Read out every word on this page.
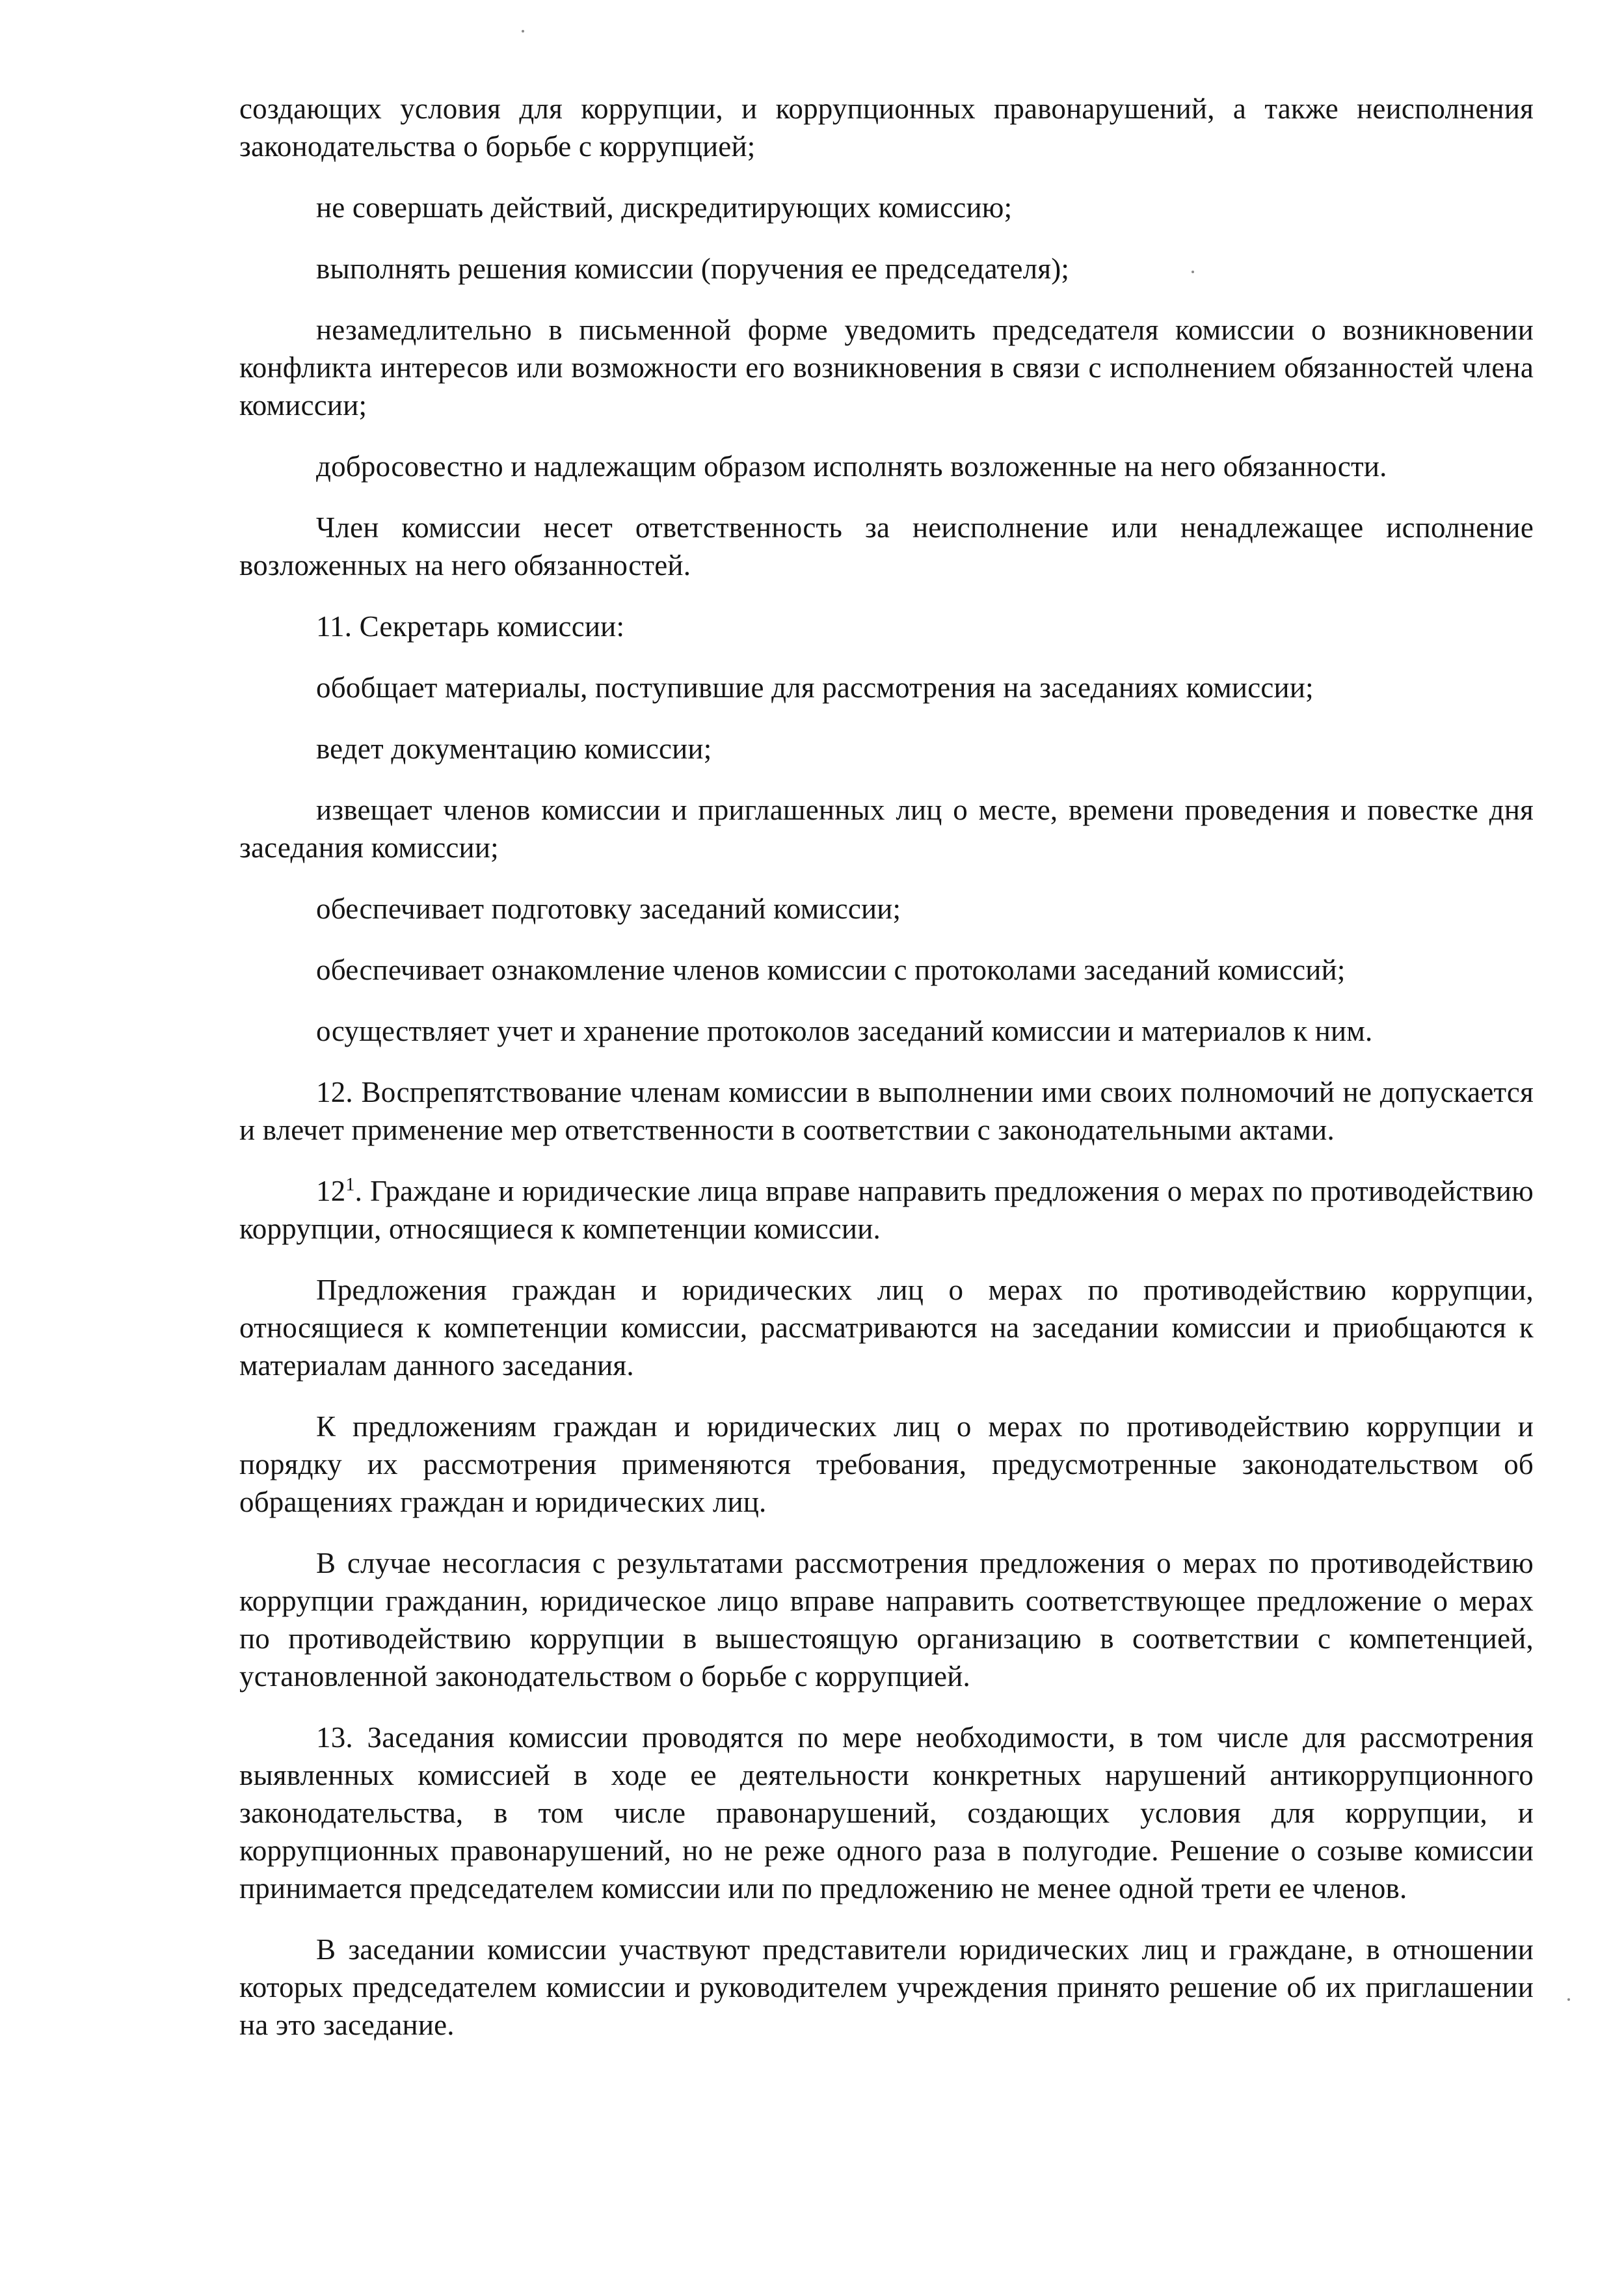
создающих условия для коррупции, и коррупционных правонарушений, а также неисполнения законодательства о борьбе с коррупцией;

не совершать действий, дискредитирующих комиссию;

выполнять решения комиссии (поручения ее председателя);

незамедлительно в письменной форме уведомить председателя комиссии о возникновении конфликта интересов или возможности его возникновения в связи с исполнением обязанностей члена комиссии;

добросовестно и надлежащим образом исполнять возложенные на него обязанности.

Член комиссии несет ответственность за неисполнение или ненадлежащее исполнение возложенных на него обязанностей.

11. Секретарь комиссии:

обобщает материалы, поступившие для рассмотрения на заседаниях комиссии;

ведет документацию комиссии;

извещает членов комиссии и приглашенных лиц о месте, времени проведения и повестке дня заседания комиссии;

обеспечивает подготовку заседаний комиссии;

обеспечивает ознакомление членов комиссии с протоколами заседаний комиссий;

осуществляет учет и хранение протоколов заседаний комиссии и материалов к ним.

12. Воспрепятствование членам комиссии в выполнении ими своих полномочий не допускается и влечет применение мер ответственности в соответствии с законодательными актами.

$12^1$. Граждане и юридические лица вправе направить предложения о мерах по противодействию коррупции, относящиеся к компетенции комиссии.

Предложения граждан и юридических лиц о мерах по противодействию коррупции, относящиеся к компетенции комиссии, рассматриваются на заседании комиссии и приобщаются к материалам данного заседания.

К предложениям граждан и юридических лиц о мерах по противодействию коррупции и порядку их рассмотрения применяются требования, предусмотренные законодательством об обращениях граждан и юридических лиц.

В случае несогласия с результатами рассмотрения предложения о мерах по противодействию коррупции гражданин, юридическое лицо вправе направить соответствующее предложение о мерах по противодействию коррупции в вышестоящую организацию в соответствии с компетенцией, установленной законодательством о борьбе с коррупцией.

13. Заседания комиссии проводятся по мере необходимости, в том числе для рассмотрения выявленных комиссией в ходе ее деятельности конкретных нарушений антикоррупционного законодательства, в том числе правонарушений, создающих условия для коррупции, и коррупционных правонарушений, но не реже одного раза в полугодие. Решение о созыве комиссии принимается председателем комиссии или по предложению не менее одной трети ее членов.

В заседании комиссии участвуют представители юридических лиц и граждане, в отношении которых председателем комиссии и руководителем учреждения принято решение об их приглашении на это заседание.
